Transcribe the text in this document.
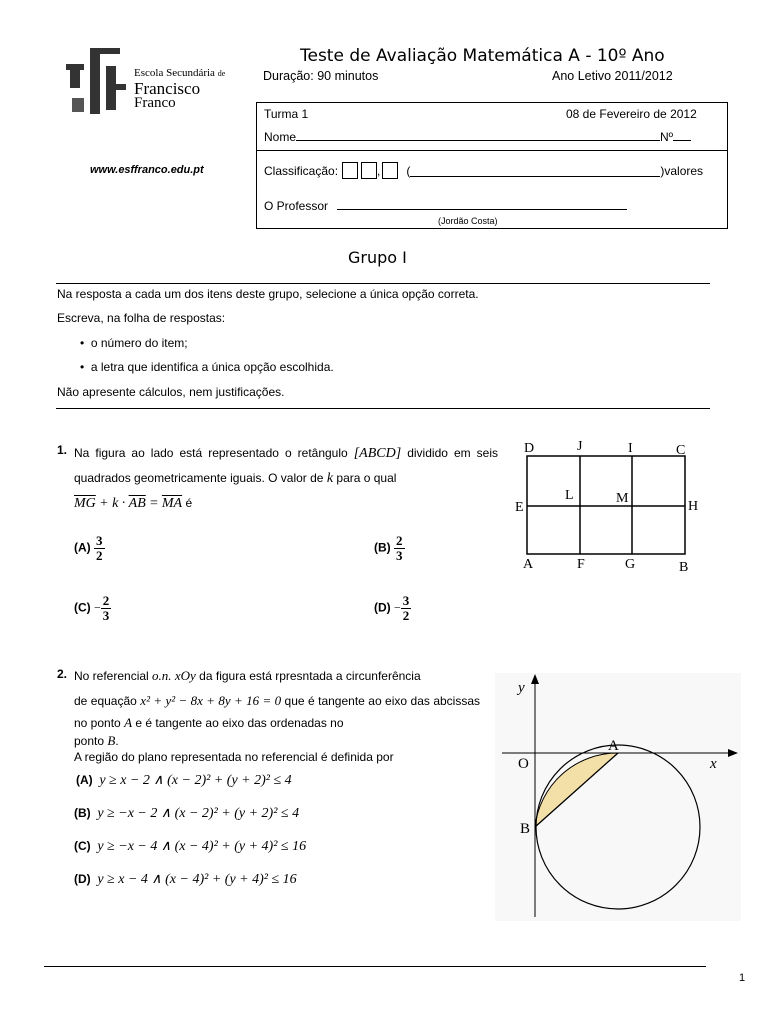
Escola Secundária de
Francisco
Franco
www.esffranco.edu.pt
Teste de Avaliação Matemática A - 10º Ano
Duração: 90 minutos	Ano Letivo 2011/2012
Turma 1	08 de Fevereiro de 2012
Nome	Nº
Classificação:	, (	)valores
O Professor
(Jordão Costa)
Grupo I
Na resposta a cada um dos itens deste grupo, selecione a única opção correta.
Escreva, na folha de respostas:
•  o número do item;
•  a letra que identifica a única opção escolhida.
Não apresente cálculos, nem justificações.
1. Na figura ao lado está representado o retângulo [ABCD] dividido em seis quadrados geometricamente iguais. O valor de k para o qual
$\overline{MG} + k \cdot \overline{AB} = \overline{MA}$ é
$(A) \frac{3}{2}$	$(B) \frac{2}{3}$
$(C) - \frac{2}{3}$	$(D) - \frac{3}{2}$
D	J	I	C
E
L	M
H
A	F	G	B
2. No referencial o.n. xOy da figura está rpresntada a circunferência
de equação x² + y² − 8x + 8y + 16 = 0 que é tangente ao eixo das abcissas no ponto A e é tangente ao eixo das ordenadas no
ponto B.
A região do plano representada no referencial é definida por
(A) y ≥ x − 2 ∧ (x − 2)² + (y + 2)² ≤ 4
(B) y ≥ −x − 2 ∧ (x − 2)² + (y + 2)² ≤ 4
(C) y ≥ −x − 4 ∧ (x − 4)² + (y + 4)² ≤ 16
(D) y ≥ x − 4 ∧ (x − 4)² + (y + 4)² ≤ 16
y
x
O
A
B
1
